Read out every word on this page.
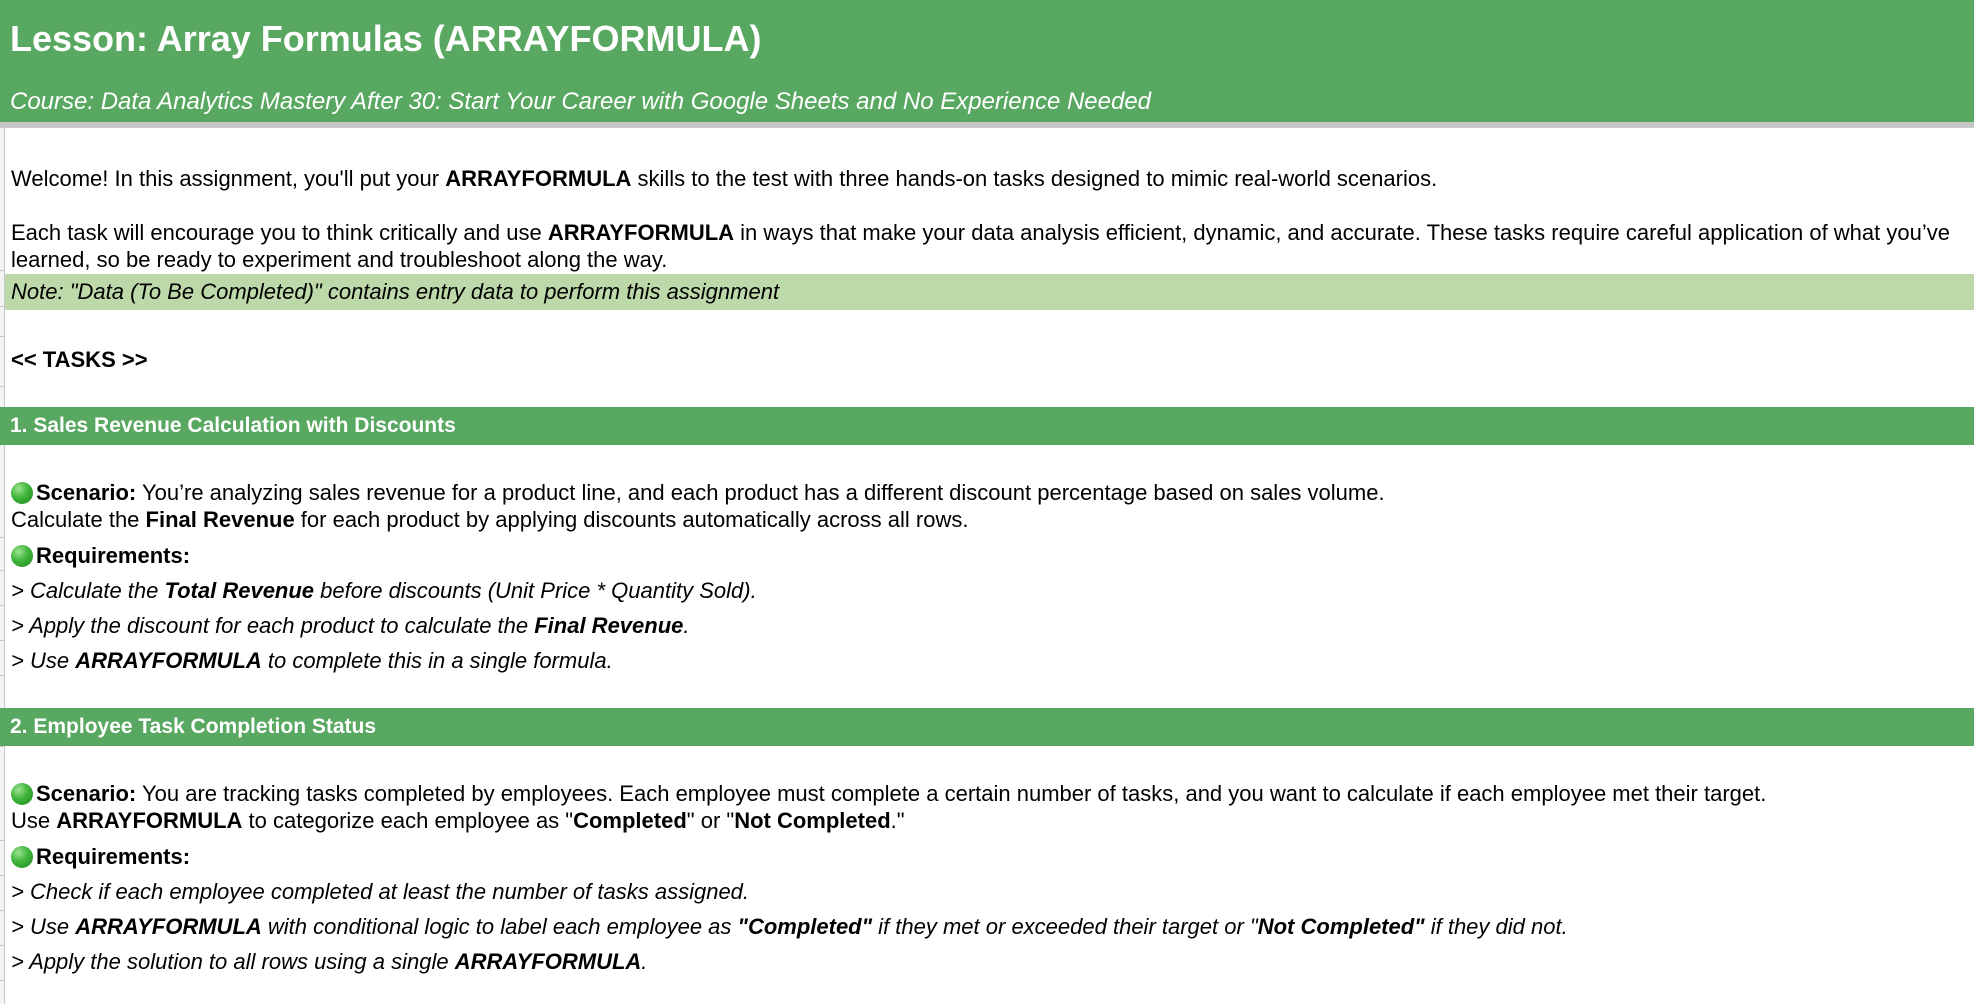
Lesson: Array Formulas (ARRAYFORMULA)
Course: Data Analytics Mastery After 30: Start Your Career with Google Sheets and No Experience Needed
Welcome! In this assignment, you'll put your ARRAYFORMULA skills to the test with three hands-on tasks designed to mimic real-world scenarios.
Each task will encourage you to think critically and use ARRAYFORMULA in ways that make your data analysis efficient, dynamic, and accurate. These tasks require careful application of what you’ve
learned, so be ready to experiment and troubleshoot along the way.
Note: "Data (To Be Completed)" contains entry data to perform this assignment
<< TASKS >>
1. Sales Revenue Calculation with Discounts
Scenario: You’re analyzing sales revenue for a product line, and each product has a different discount percentage based on sales volume.
Calculate the Final Revenue for each product by applying discounts automatically across all rows.
Requirements:
> Calculate the Total Revenue before discounts (Unit Price * Quantity Sold).
> Apply the discount for each product to calculate the Final Revenue.
> Use ARRAYFORMULA to complete this in a single formula.
2. Employee Task Completion Status
Scenario: You are tracking tasks completed by employees. Each employee must complete a certain number of tasks, and you want to calculate if each employee met their target.
Use ARRAYFORMULA to categorize each employee as "Completed" or "Not Completed."
Requirements:
> Check if each employee completed at least the number of tasks assigned.
> Use ARRAYFORMULA with conditional logic to label each employee as "Completed" if they met or exceeded their target or "Not Completed" if they did not.
> Apply the solution to all rows using a single ARRAYFORMULA.
